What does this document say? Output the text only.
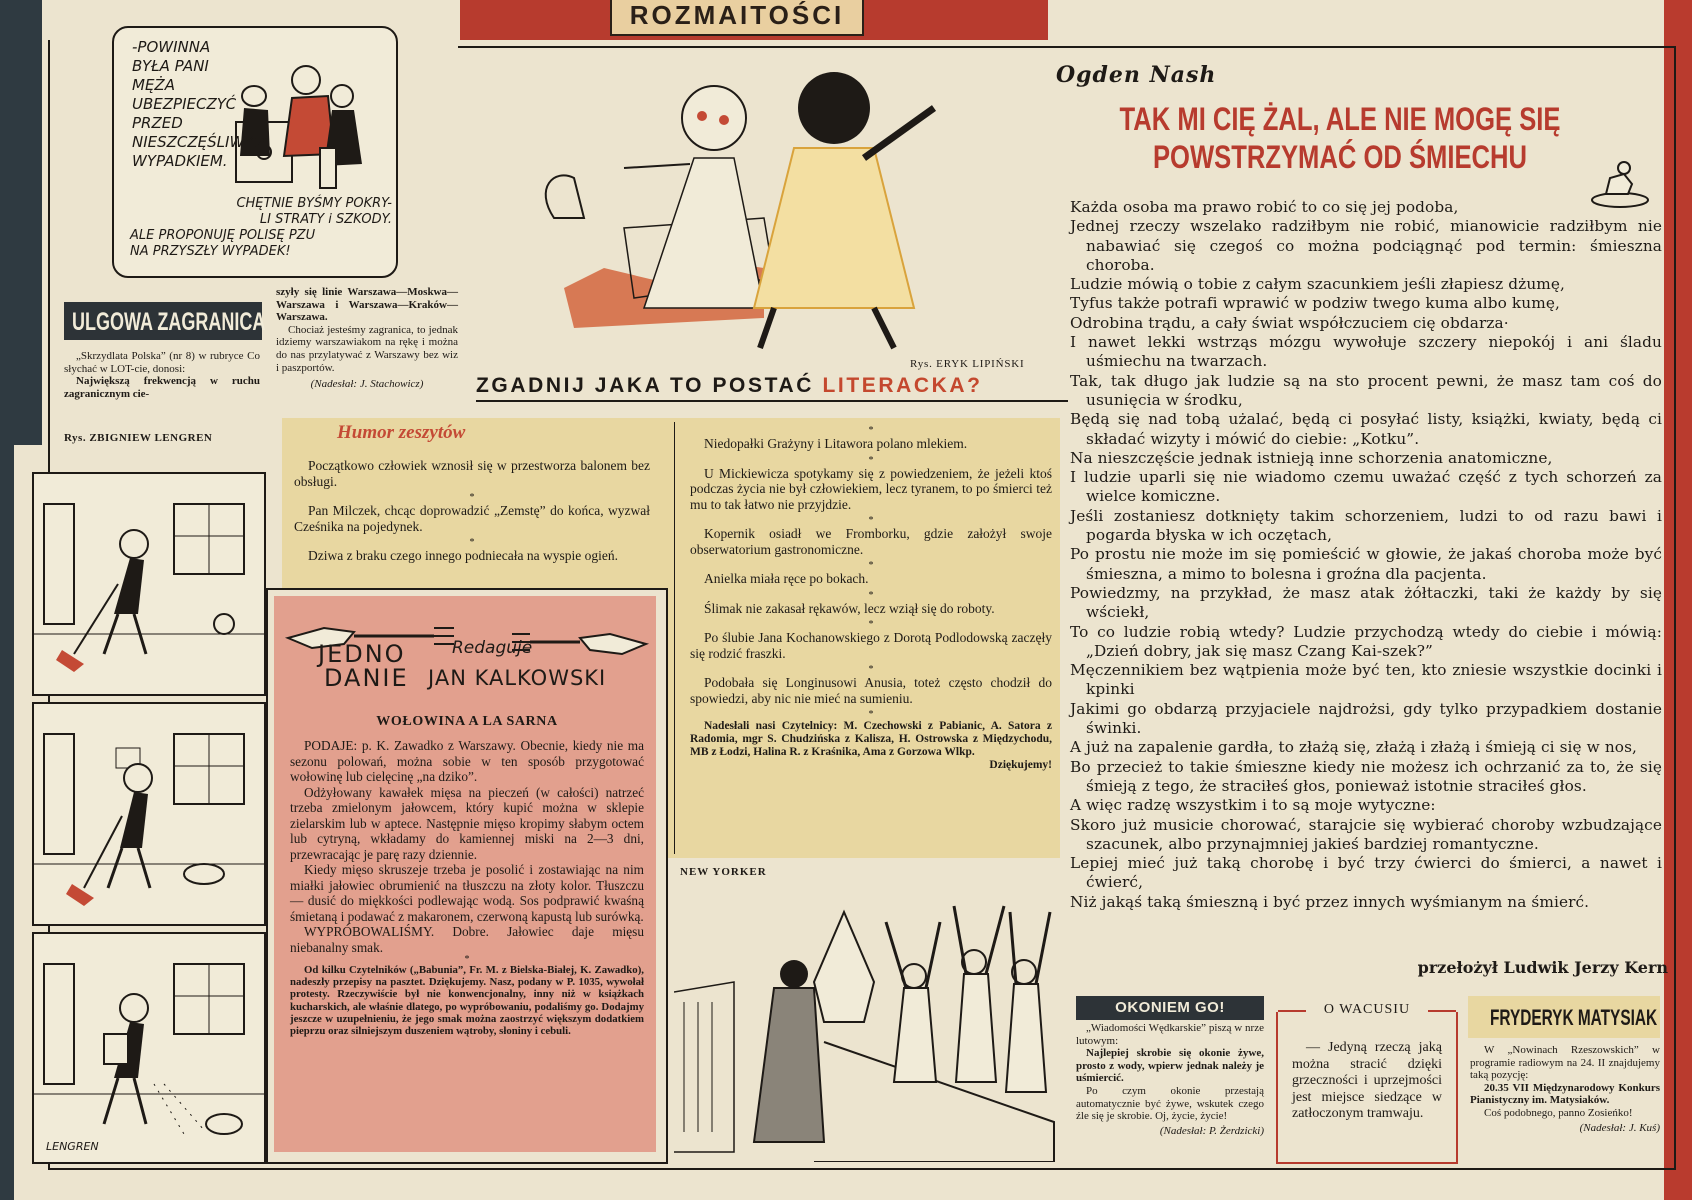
ROZMAITOŚCI
-POWINNA
BYŁA PANI
MĘŻA
UBEZPIECZYĆ
PRZED
NIESZCZĘŚLIWYM
WYPADKIEM.
CHĘTNIE BYŚMY POKRY-
LI STRATY i SZKODY.
ALE PROPONUJĘ POLISĘ PZU
NA PRZYSZŁY WYPADEK!
ULGOWA ZAGRANICA

„Skrzydlata Polska” (nr 8) w rubryce Co słychać w LOT-cie, donosi:

Największą frekwencją w ruchu zagranicznym cie-

szyły się linie Warszawa—Moskwa—Warszawa i Warszawa—Kraków—Warszawa.

Chociaż jesteśmy zagranica, to jednak idziemy warszawiakom na rękę i można do nas przylatywać z Warszawy bez wiz i paszportów.

(Nadesłał: J. Stachowicz)

Rys. ZBIGNIEW LENGREN
LENGREN
Rys. ERYK LIPIŃSKI
ZGADNIJ JAKA TO POSTAĆ LITERACKA?
Humor zeszytów

Początkowo człowiek wznosił się w przestworza balonem bez obsługi.

*

Pan Milczek, chcąc doprowadzić „Zemstę” do końca, wyzwał Cześnika na pojedynek.

*

Dziwa z braku czego innego podniecała na wyspie ogień.

*

Niedopałki Grażyny i Litawora polano mlekiem.

*

U Mickiewicza spotykamy się z powiedzeniem, że jeżeli ktoś podczas życia nie był człowiekiem, lecz tyranem, to po śmierci też mu to tak łatwo nie przyjdzie.

*

Kopernik osiadł we Fromborku, gdzie założył swoje obserwatorium gastronomiczne.

*

Anielka miała ręce po bokach.

*

Ślimak nie zakasał rękawów, lecz wziął się do roboty.

*

Po ślubie Jana Kochanowskiego z Dorotą Podlodowską zaczęły się rodzić fraszki.

*

Podobała się Longinusowi Anusia, toteż często chodził do spowiedzi, aby nic nie mieć na sumieniu.

*

Nadesłali nasi Czytelnicy: M. Czechowski z Pabianic, A. Satora z Radomia, mgr S. Chudzińska z Kalisza, H. Ostrowska z Międzychodu, MB z Łodzi, Halina R. z Kraśnika, Ama z Gorzowa Wlkp.

Dziękujemy!
JEDNO	Redaguje
DANIE JAN KALKOWSKI
WOŁOWINA A LA SARNA

PODAJE: p. K. Zawadko z Warszawy. Obecnie, kiedy nie ma sezonu polowań, można sobie w ten sposób przygotować wołowinę lub cielęcinę „na dziko”.

Odżyłowany kawałek mięsa na pieczeń (w całości) natrzeć trzeba zmielonym jałowcem, który kupić można w sklepie zielarskim lub w aptece. Następnie mięso kropimy słabym octem lub cytryną, wkładamy do kamiennej miski na 2—3 dni, przewracając je parę razy dziennie.

Kiedy mięso skruszeje trzeba je posolić i zostawiając na nim miałki jałowiec obrumienić na tłuszczu na złoty kolor. Tłuszczu — dusić do miękkości podlewając wodą. Sos podprawić kwaśną śmietaną i podawać z makaronem, czerwoną kapustą lub surówką.

WYPRÓBOWALIŚMY. Dobre. Jałowiec daje mięsu niebanalny smak.

*

Od kilku Czytelników („Babunia”, Fr. M. z Bielska-Białej, K. Zawadko), nadeszły przepisy na pasztet. Dziękujemy. Nasz, podany w P. 1035, wywołał protesty. Rzeczywiście był nie konwencjonalny, inny niż w książkach kucharskich, ale właśnie dlatego, po wypróbowaniu, podaliśmy go. Dodajmy jeszcze w uzupełnieniu, że jego smak można zaostrzyć większym dodatkiem pieprzu oraz silniejszym duszeniem wątroby, słoniny i cebuli.

NEW YORKER
Ogden Nash
TAK MI CIĘ ŻAL, ALE NIE MOGĘ SIĘ POWSTRZYMAĆ OD ŚMIECHU

Każda osoba ma prawo robić to co się jej podoba,

Jednej rzeczy wszelako radziłbym nie robić, mianowicie radziłbym nie nabawiać się czegoś co można podciągnąć pod termin: śmieszna choroba.

Ludzie mówią o tobie z całym szacunkiem jeśli złapiesz dżumę,

Tyfus także potrafi wprawić w podziw twego kuma albo kumę,

Odrobina trądu, a cały świat współczuciem cię obdarza·

I nawet lekki wstrząs mózgu wywołuje szczery niepokój i ani śladu uśmiechu na twarzach.

Tak, tak długo jak ludzie są na sto procent pewni, że masz tam coś do usunięcia w środku,

Będą się nad tobą użalać, będą ci posyłać listy, książki, kwiaty, będą ci składać wizyty i mówić do ciebie: „Kotku”.

Na nieszczęście jednak istnieją inne schorzenia anatomiczne,

I ludzie uparli się nie wiadomo czemu uważać część z tych schorzeń za wielce komiczne.

Jeśli zostaniesz dotknięty takim schorzeniem, ludzi to od razu bawi i pogarda błyska w ich oczętach,

Po prostu nie może im się pomieścić w głowie, że jakaś choroba może być śmieszna, a mimo to bolesna i groźna dla pacjenta.

Powiedzmy, na przykład, że masz atak żółtaczki, taki że każdy by się wściekł,

To co ludzie robią wtedy? Ludzie przychodzą wtedy do ciebie i mówią: „Dzień dobry, jak się masz Czang Kai-szek?”

Męczennikiem bez wątpienia może być ten, kto zniesie wszystkie docinki i kpinki

Jakimi go obdarzą przyjaciele najdrożsi, gdy tylko przypadkiem dostanie świnki.

A już na zapalenie gardła, to złażą się, złażą i złażą i śmieją ci się w nos,

Bo przecież to takie śmieszne kiedy nie możesz ich ochrzanić za to, że się śmieją z tego, że straciłeś głos, ponieważ istotnie straciłeś głos.

A więc radzę wszystkim i to są moje wytyczne:

Skoro już musicie chorować, starajcie się wybierać choroby wzbudzające szacunek, albo przynajmniej jakieś bardziej romantyczne.

Lepiej mieć już taką chorobę i być trzy ćwierci do śmierci, a nawet i ćwierć,

Niż jakąś taką śmieszną i być przez innych wyśmianym na śmierć.

przełożył Ludwik Jerzy Kern
OKONIEM GO!

„Wiadomości Wędkarskie” piszą w nrze lutowym:

Najlepiej skrobie się okonie żywe, prosto z wody, wpierw jednak należy je uśmiercić.

Po czym okonie przestają automatycznie być żywe, wskutek czego źle się je skrobie. Oj, życie, życie!

(Nadesłał: P. Żerdzicki)

O WACUSIU
— Jedyną rzeczą jaką można stracić dzięki grzeczności i uprzejmości jest miejsce siedzące w zatłoczonym tramwaju.
FRYDERYK MATYSIAK

W „Nowinach Rzeszowskich” w programie radiowym na 24. II znajdujemy taką pozycję:

20.35 VII Międzynarodowy Konkurs Pianistyczny im. Matysiaków.

Coś podobnego, panno Zosieńko!

(Nadesłał: J. Kuś)
